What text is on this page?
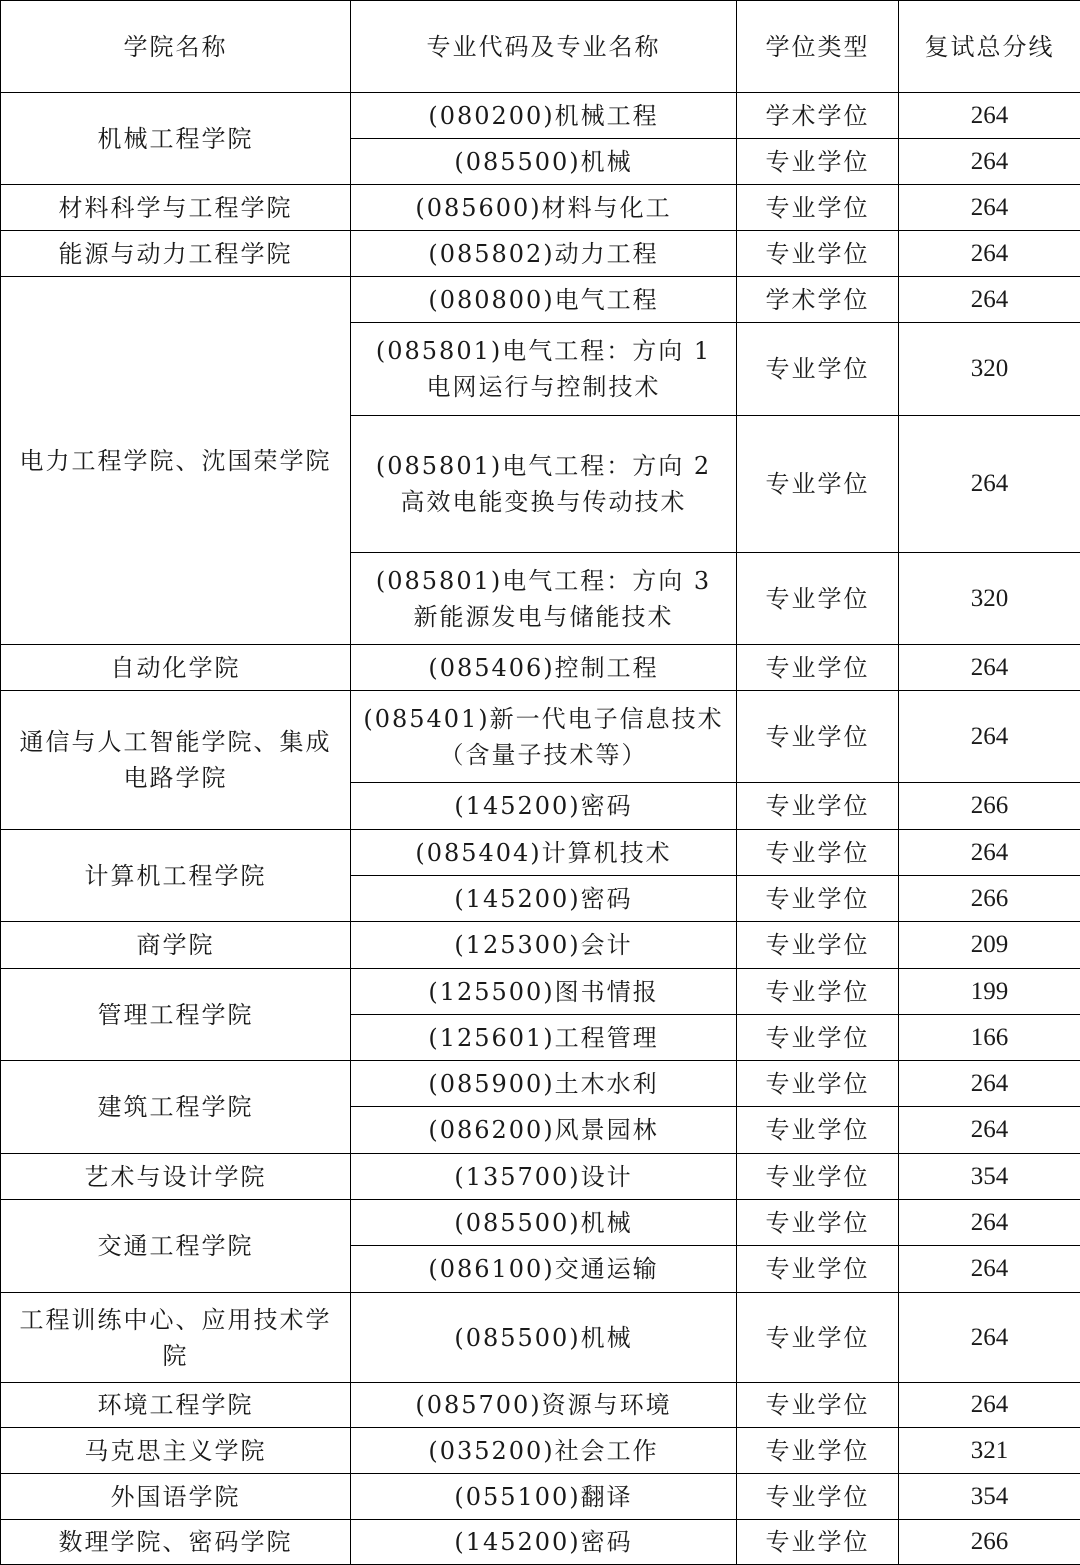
学院名称	专业代码及专业名称	学位类型	复试总分线
机械工程学院	(080200)机械工程	学术学位	264
	(085500)机械	专业学位	264
材料科学与工程学院	(085600)材料与化工	专业学位	264
能源与动力工程学院	(085802)动力工程	专业学位	264
电力工程学院、沈国荣学院	(080800)电气工程	学术学位	264
	(085801)电气工程：方向 1 电网运行与控制技术	专业学位	320
	(085801)电气工程：方向 2 高效电能变换与传动技术	专业学位	264
	(085801)电气工程：方向 3 新能源发电与储能技术	专业学位	320
自动化学院	(085406)控制工程	专业学位	264
通信与人工智能学院、集成电路学院	(085401)新一代电子信息技术（含量子技术等）	专业学位	264
	(145200)密码	专业学位	266
计算机工程学院	(085404)计算机技术	专业学位	264
	(145200)密码	专业学位	266
商学院	(125300)会计	专业学位	209
管理工程学院	(125500)图书情报	专业学位	199
	(125601)工程管理	专业学位	166
建筑工程学院	(085900)土木水利	专业学位	264
	(086200)风景园林	专业学位	264
艺术与设计学院	(135700)设计	专业学位	354
交通工程学院	(085500)机械	专业学位	264
	(086100)交通运输	专业学位	264
工程训练中心、应用技术学院	(085500)机械	专业学位	264
环境工程学院	(085700)资源与环境	专业学位	264
马克思主义学院	(035200)社会工作	专业学位	321
外国语学院	(055100)翻译	专业学位	354
数理学院、密码学院	(145200)密码	专业学位	266
